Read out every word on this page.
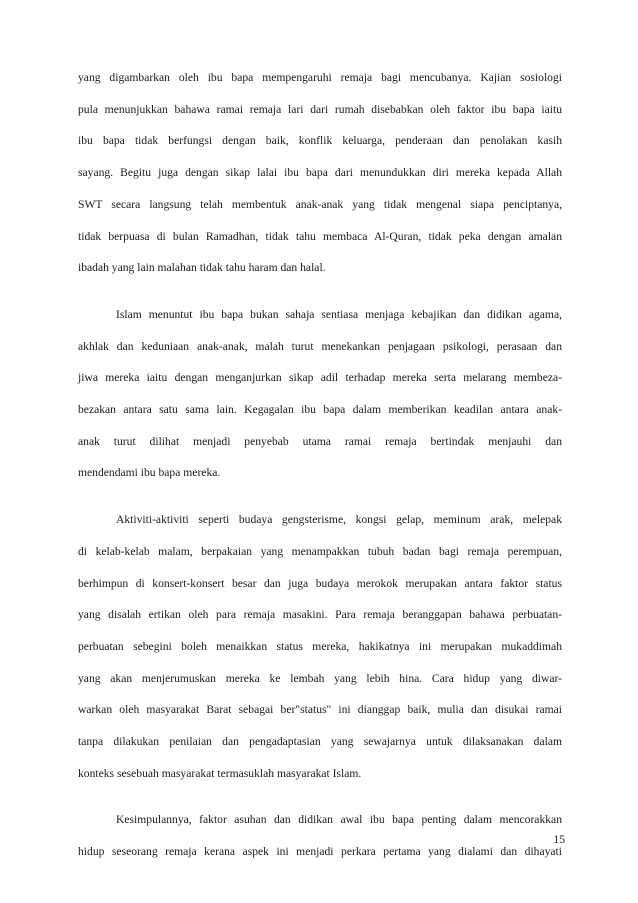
yang digambarkan oleh ibu bapa mempengaruhi remaja bagi mencubanya. Kajian sosiologi
pula menunjukkan bahawa ramai remaja lari dari rumah disebabkan oleh faktor ibu bapa iaitu
ibu bapa tidak berfungsi dengan baik, konflik keluarga, penderaan dan penolakan kasih
sayang. Begitu juga dengan sikap lalai ibu bapa dari menundukkan diri mereka kepada Allah
SWT secara langsung telah membentuk anak-anak yang tidak mengenal siapa penciptanya,
tidak berpuasa di bulan Ramadhan, tidak tahu membaca Al-Quran, tidak peka dengan amalan
ibadah yang lain malahan tidak tahu haram dan halal.
Islam menuntut ibu bapa bukan sahaja sentiasa menjaga kebajikan dan didikan agama,
akhlak dan keduniaan anak-anak, malah turut menekankan penjagaan psikologi, perasaan dan
jiwa mereka iaitu dengan menganjurkan sikap adil terhadap mereka serta melarang membeza-
bezakan antara satu sama lain. Kegagalan ibu bapa dalam memberikan keadilan antara anak-
anak turut dilihat menjadi penyebab utama ramai remaja bertindak menjauhi dan
mendendami ibu bapa mereka.
Aktiviti-aktiviti seperti budaya gengsterisme, kongsi gelap, meminum arak, melepak
di kelab-kelab malam, berpakaian yang menampakkan tubuh badan bagi remaja perempuan,
berhimpun di konsert-konsert besar dan juga budaya merokok merupakan antara faktor status
yang disalah ertikan oleh para remaja masakini. Para remaja beranggapan bahawa perbuatan-
perbuatan sebegini boleh menaikkan status mereka, hakikatnya ini merupakan mukaddimah
yang akan menjerumuskan mereka ke lembah yang lebih hina. Cara hidup yang diwar-
warkan oleh masyarakat Barat sebagai ber"status" ini dianggap baik, mulia dan disukai ramai
tanpa dilakukan penilaian dan pengadaptasian yang sewajarnya untuk dilaksanakan dalam
konteks sesebuah masyarakat termasuklah masyarakat Islam.
Kesimpulannya, faktor asuhan dan didikan awal ibu bapa penting dalam mencorakkan
hidup seseorang remaja kerana aspek ini menjadi perkara pertama yang dialami dan dihayati
15
